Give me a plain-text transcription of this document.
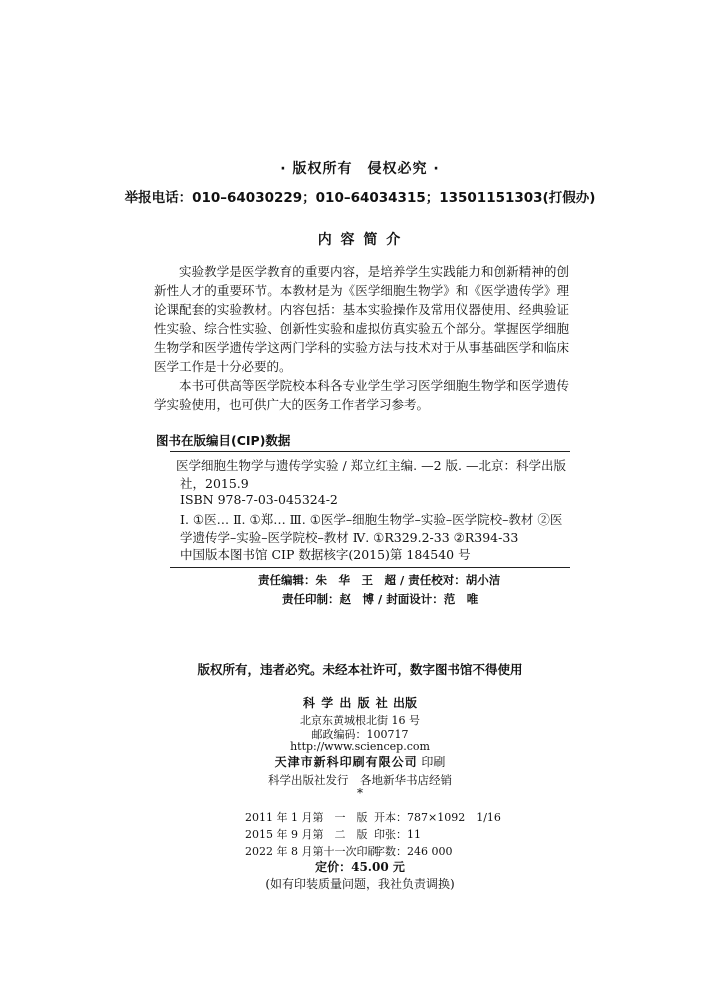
· 版权所有　侵权必究 ·
举报电话：010–64030229；010–64034315；13501151303(打假办)
内 容 简 介

实验教学是医学教育的重要内容，是培养学生实践能力和创新精神的创新性人才的重要环节。本教材是为《医学细胞生物学》和《医学遗传学》理论课配套的实验教材。内容包括：基本实验操作及常用仪器使用、经典验证性实验、综合性实验、创新性实验和虚拟仿真实验五个部分。掌握医学细胞生物学和医学遗传学这两门学科的实验方法与技术对于从事基础医学和临床医学工作是十分必要的。

本书可供高等医学院校本科各专业学生学习医学细胞生物学和医学遗传学实验使用，也可供广大的医务工作者学习参考。

图书在版编目(CIP)数据
医学细胞生物学与遗传学实验 / 郑立红主编. —2 版. —北京：科学出版社，2015.9
ISBN 978-7-03-045324-2
Ⅰ. ①医… Ⅱ. ①郑… Ⅲ. ①医学–细胞生物学–实验–医学院校–教材 ②医学遗传学–实验–医学院校–教材 Ⅳ. ①R329.2-33 ②R394-33
中国版本图书馆 CIP 数据核字(2015)第 184540 号
责任编辑：朱　华　王　超 / 责任校对：胡小洁
责任印制：赵　博 / 封面设计：范　唯
版权所有，违者必究。未经本社许可，数字图书馆不得使用
科 学 出 版 社 出版
北京东黄城根北街 16 号
邮政编码：100717
http://www.sciencep.com
天津市新科印刷有限公司 印刷
科学出版社发行　各地新华书店经销
*
2011 年 1 月第　一　版 开本：787×1092　1/16
2015 年 9 月第　二　版 印张：11
2022 年 8 月第十一次印刷
字数：246 000
定价：45.00 元
(如有印装质量问题，我社负责调换)
